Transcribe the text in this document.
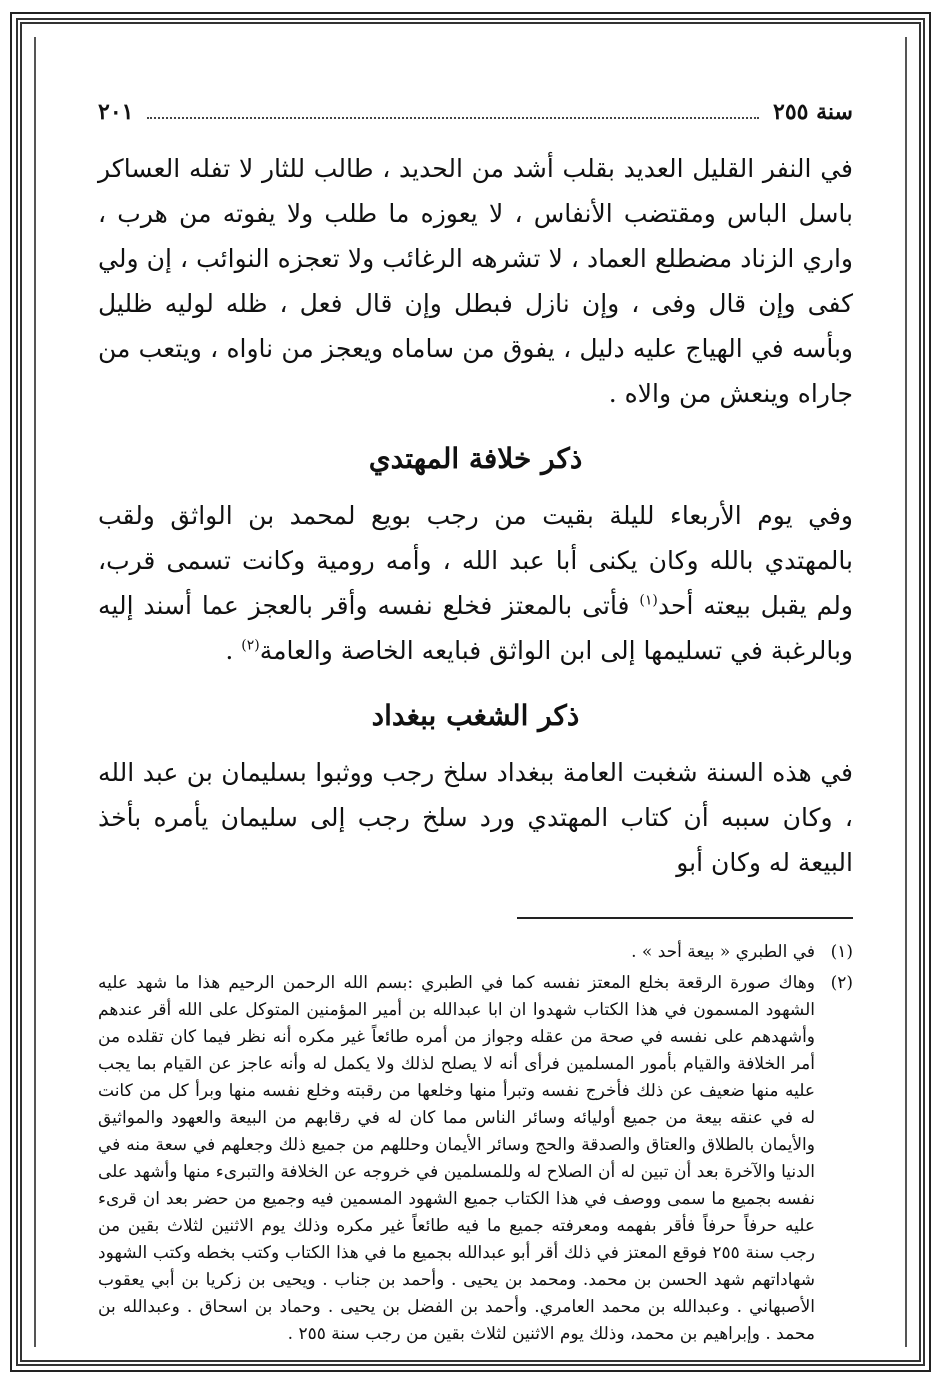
سنة ٢٥٥
٢٠١

في النفر القليل العديد بقلب أشد من الحديد ، طالب للثار لا تفله العساكر باسل الباس ومقتضب الأنفاس ، لا يعوزه ما طلب ولا يفوته من هرب ، واري الزناد مضطلع العماد ، لا تشرهه الرغائب ولا تعجزه النوائب ، إن ولي كفى وإن قال وفى ، وإن نازل فبطل وإن قال فعل ، ظله لوليه ظليل وبأسه في الهياج عليه دليل ، يفوق من ساماه ويعجز من ناواه ، ويتعب من جاراه وينعش من والاه .

ذكر خلافة المهتدي

وفي يوم الأربعاء لليلة بقيت من رجب بويع لمحمد بن الواثق ولقب بالمهتدي بالله وكان يكنى أبا عبد الله ، وأمه رومية وكانت تسمى قرب، ولم يقبل بيعته أحد$^{(١)}$ فأتى بالمعتز فخلع نفسه وأقر بالعجز عما أسند إليه وبالرغبة في تسليمها إلى ابن الواثق فبايعه الخاصة والعامة$^{(٢)}$ .

ذكر الشغب ببغداد

في هذه السنة شغبت العامة ببغداد سلخ رجب ووثبوا بسليمان بن عبد الله ، وكان سببه أن كتاب المهتدي ورد سلخ رجب إلى سليمان يأمره بأخذ البيعة له وكان أبو

(١)
في الطبري « بيعة أحد » .
(٢)
وهاك صورة الرقعة بخلع المعتز نفسه كما في الطبري :بسم الله الرحمن الرحيم هذا ما شهد عليه الشهود المسمون في هذا الكتاب شهدوا ان ابا عبدالله بن أمير المؤمنين المتوكل على الله أقر عندهم وأشهدهم على نفسه في صحة من عقله وجواز من أمره طائعاً غير مكره أنه نظر فيما كان تقلده من أمر الخلافة والقيام بأمور المسلمين فرأى أنه لا يصلح لذلك ولا يكمل له وأنه عاجز عن القيام بما يجب عليه منها ضعيف عن ذلك فأخرج نفسه وتبرأ منها وخلعها من رقبته وخلع نفسه منها وبرأ كل من كانت له في عنقه بيعة من جميع أوليائه وسائر الناس مما كان له في رقابهم من البيعة والعهود والمواثيق والأيمان بالطلاق والعتاق والصدقة والحج وسائر الأيمان وحللهم من جميع ذلك وجعلهم في سعة منه في الدنيا والآخرة بعد أن تبين له أن الصلاح له وللمسلمين في خروجه عن الخلافة والتبرىء منها وأشهد على نفسه بجميع ما سمى ووصف في هذا الكتاب جميع الشهود المسمين فيه وجميع من حضر بعد ان قرىء عليه حرفاً حرفاً فأقر بفهمه ومعرفته جميع ما فيه طائعاً غير مكره وذلك يوم الاثنين لثلاث بقين من رجب سنة ٢٥٥ فوقع المعتز في ذلك أقر أبو عبدالله بجميع ما في هذا الكتاب وكتب بخطه وكتب الشهود شهاداتهم شهد الحسن بن محمد. ومحمد بن يحيى . وأحمد بن جناب . ويحيى بن زكريا بن أبي يعقوب الأصبهاني . وعبدالله بن محمد العامري. وأحمد بن الفضل بن يحيى . وحماد بن اسحاق . وعبدالله بن محمد . وإبراهيم بن محمد، وذلك يوم الاثنين لثلاث بقين من رجب سنة ٢٥٥ .
